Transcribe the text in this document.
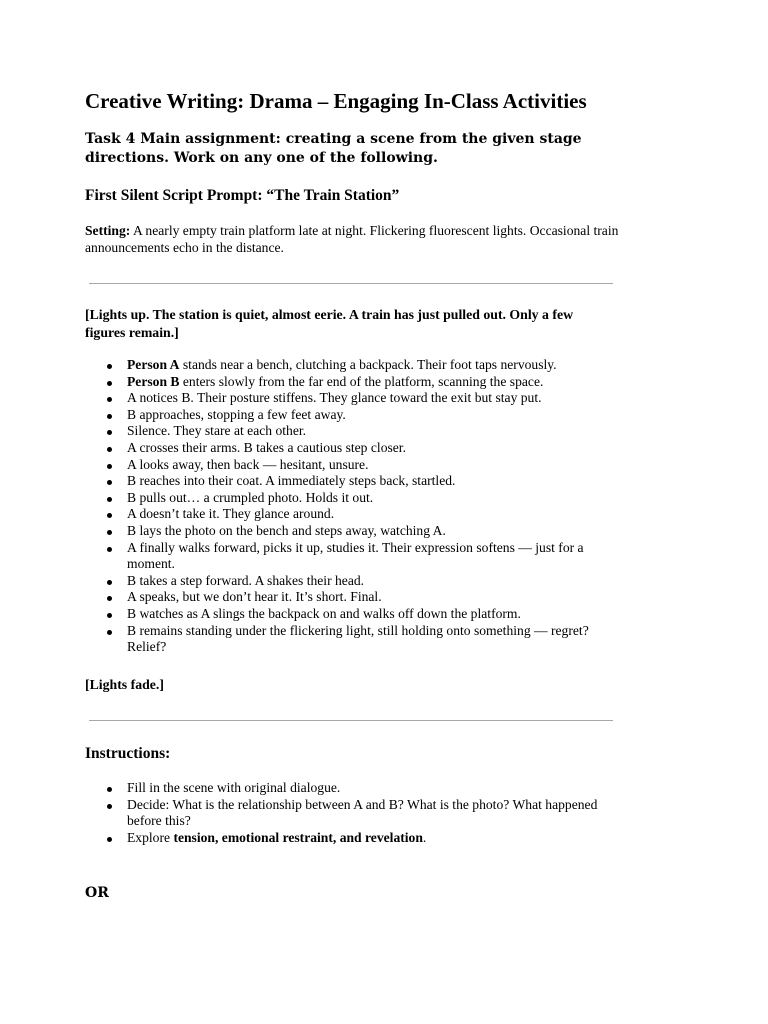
Creative Writing: Drama – Engaging In-Class Activities

Task 4 Main assignment: creating a scene from the given stage directions. Work on any one of the following.

First Silent Script Prompt: “The Train Station”

Setting: A nearly empty train platform late at night. Flickering fluorescent lights. Occasional train announcements echo in the distance.

[Lights up. The station is quiet, almost eerie. A train has just pulled out. Only a few figures remain.]

Person A stands near a bench, clutching a backpack. Their foot taps nervously.
Person B enters slowly from the far end of the platform, scanning the space.
A notices B. Their posture stiffens. They glance toward the exit but stay put.
B approaches, stopping a few feet away.
Silence. They stare at each other.
A crosses their arms. B takes a cautious step closer.
A looks away, then back — hesitant, unsure.
B reaches into their coat. A immediately steps back, startled.
B pulls out… a crumpled photo. Holds it out.
A doesn’t take it. They glance around.
B lays the photo on the bench and steps away, watching A.
A finally walks forward, picks it up, studies it. Their expression softens — just for a moment.
B takes a step forward. A shakes their head.
A speaks, but we don’t hear it. It’s short. Final.
B watches as A slings the backpack on and walks off down the platform.
B remains standing under the flickering light, still holding onto something — regret? Relief?

[Lights fade.]

Instructions:

Fill in the scene with original dialogue.
Decide: What is the relationship between A and B? What is the photo? What happened before this?
Explore tension, emotional restraint, and revelation.

OR
